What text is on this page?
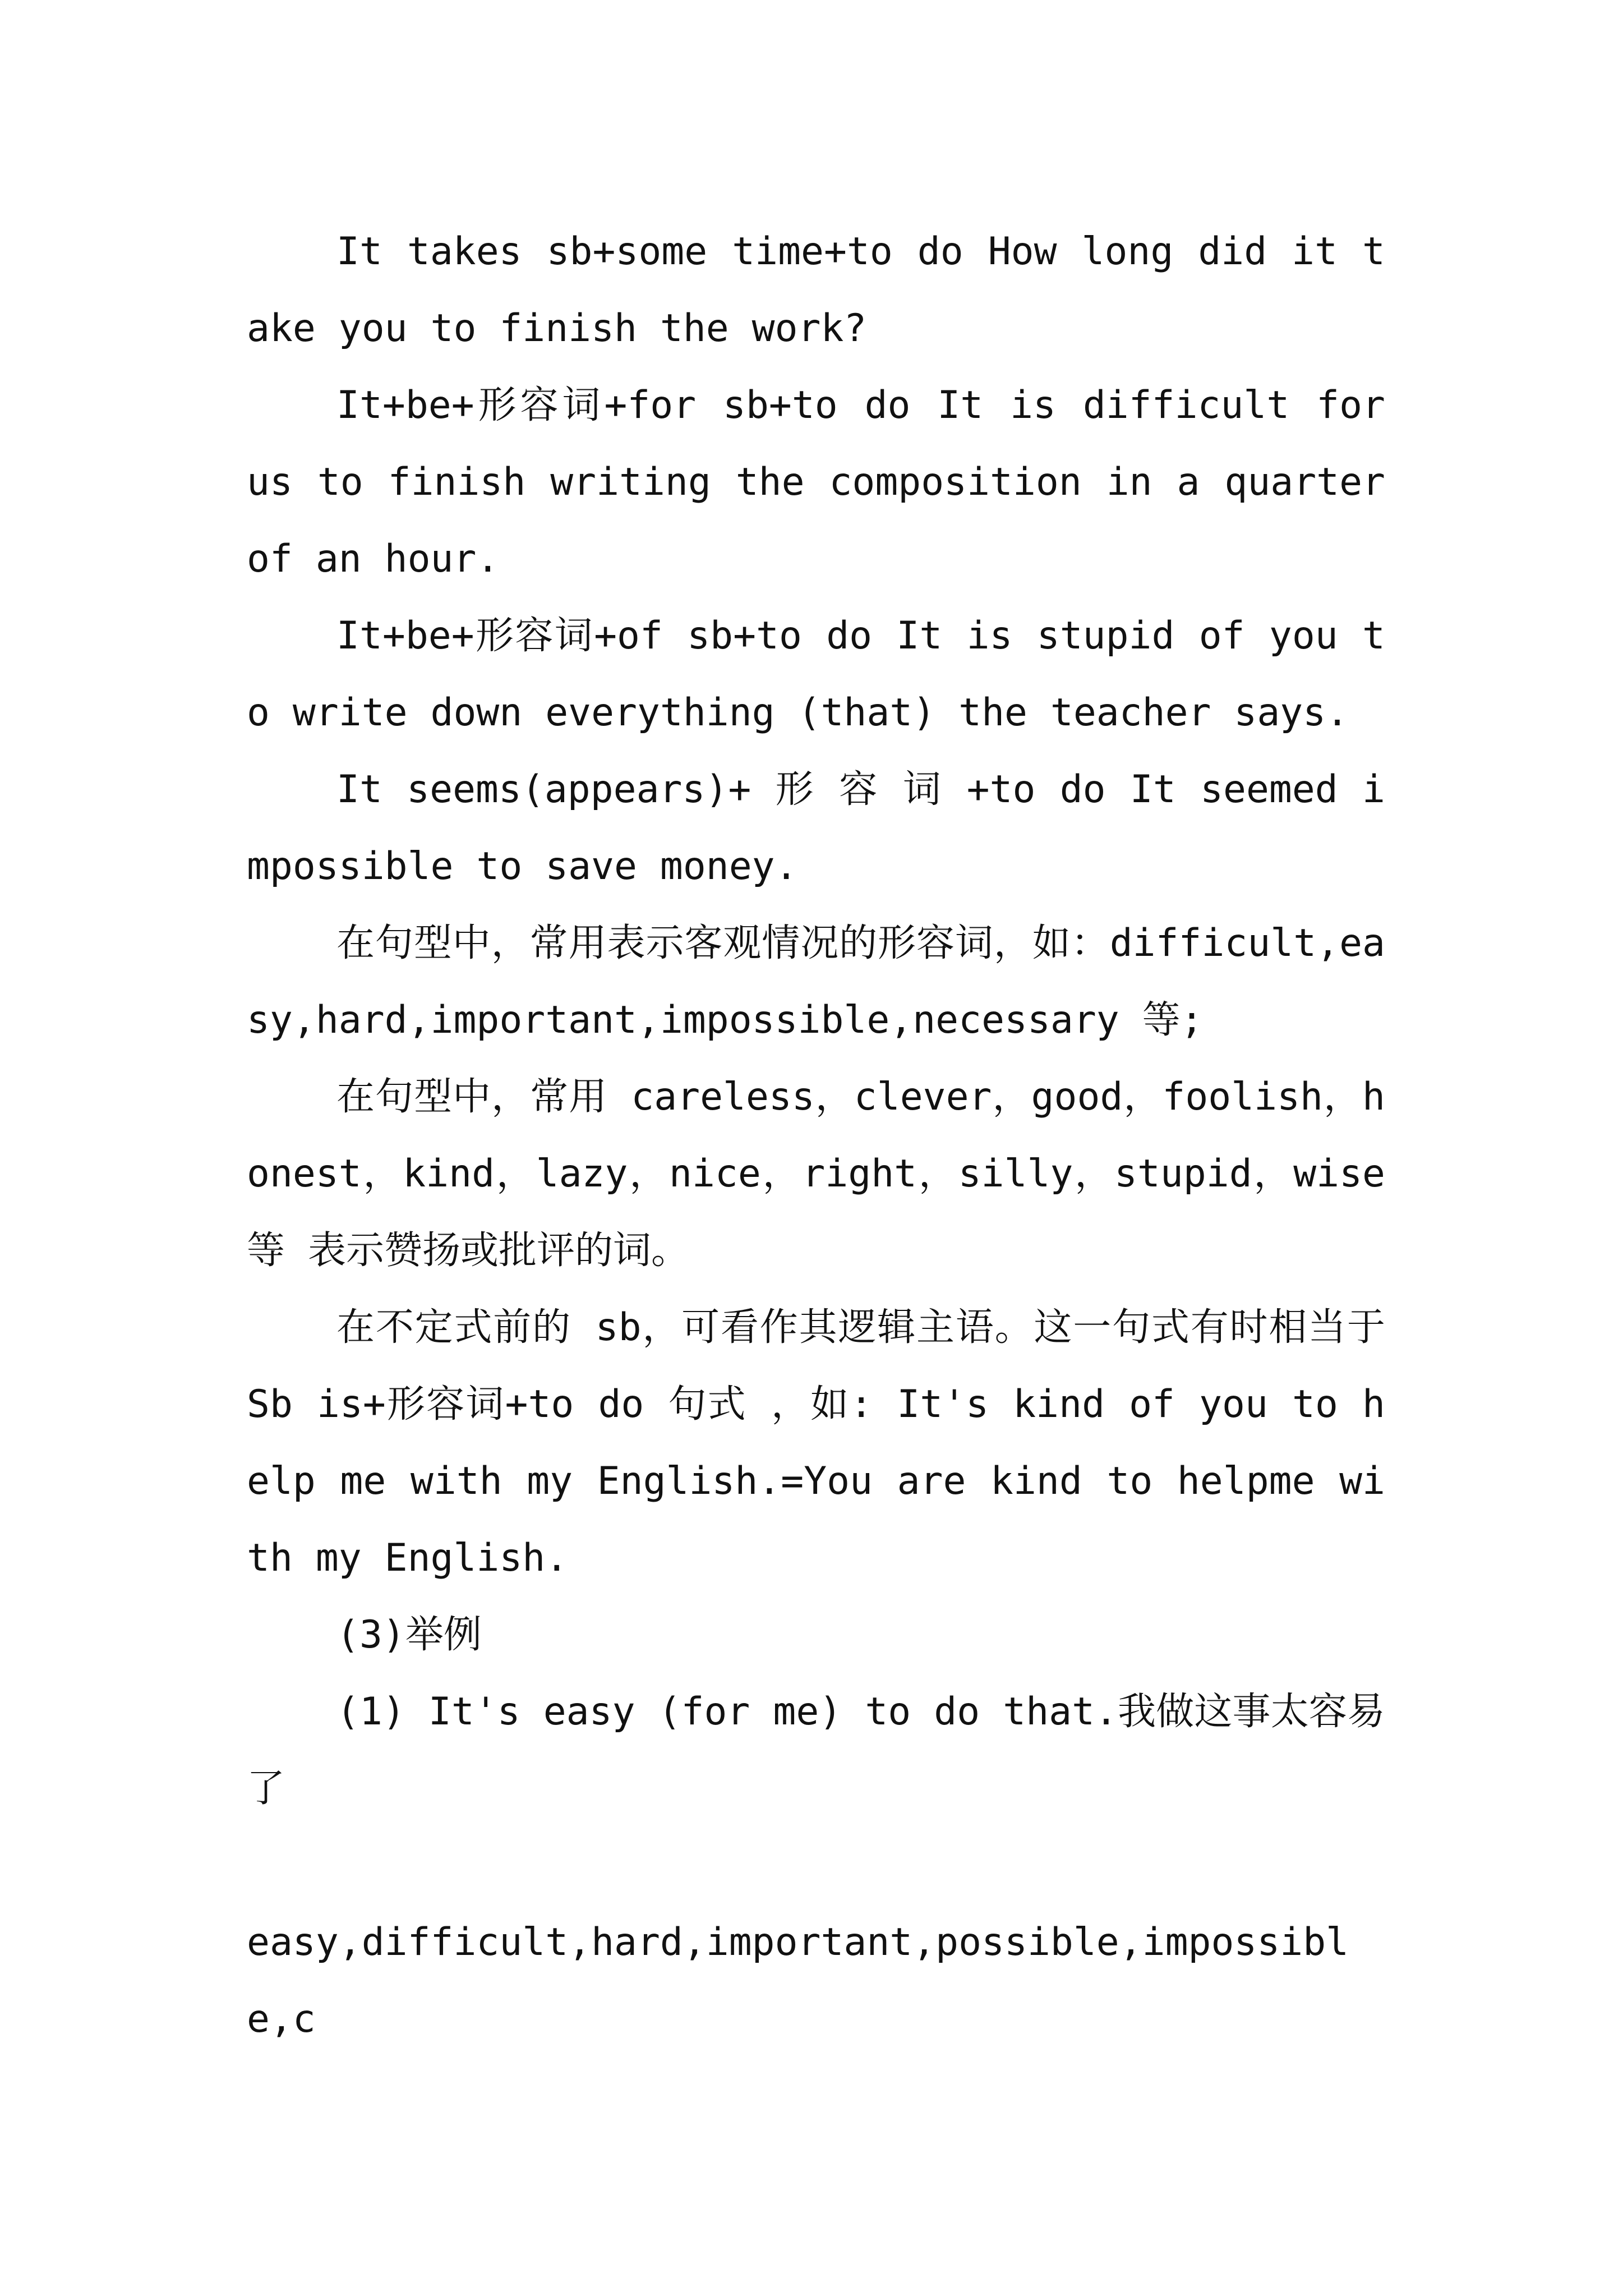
It takes sb+some time+to do How long did it take you to finish the work?

It+be+形容词+for sb+to do It is difficult for us to finish writing the composition in a quarter of an hour.

It+be+形容词+of sb+to do It is stupid of you to write down everything (that) the teacher says.

It seems(appears)+ 形 容 词 +to do It seemed impossible to save money.

在句型中，常用表示客观情况的形容词，如：difficult,easy,hard,important,impossible,necessary 等;

在句型中，常用 careless，clever，good，foolish，honest，kind，lazy，nice，right，silly，stupid，wise 等 表示赞扬或批评的词。

在不定式前的 sb，可看作其逻辑主语。这一句式有时相当于 Sb is+形容词+to do 句式 ，如: It's kind of you to help me with my English.=You are kind to helpme with my English.

(3)举例

(1) It's easy (for me) to do that.我做这事太容易了

easy,difficult,hard,important,possible,impossible,c
